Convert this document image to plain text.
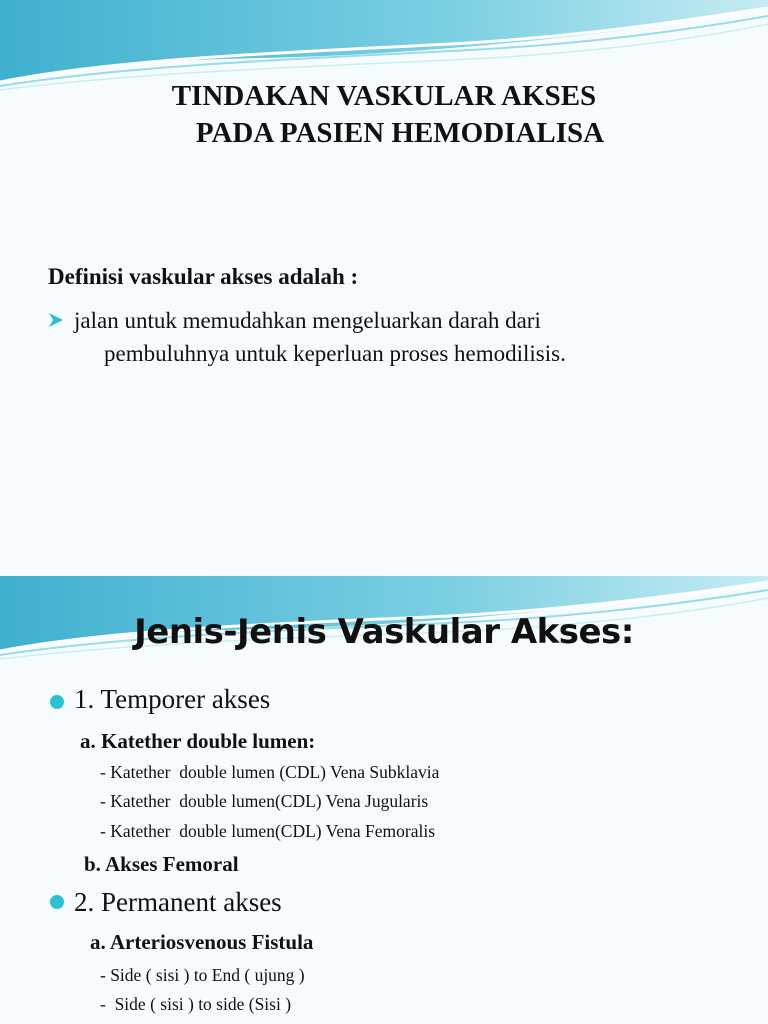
TINDAKAN VASKULAR AKSES
PADA PASIEN HEMODIALISA

Definisi vaskular akses adalah :

jalan untuk memudahkan mengeluarkan darah dari
pembuluhnya untuk keperluan proses hemodilisis.

Jenis-Jenis Vaskular Akses:

1. Temporer akses

a. Katether double lumen:

- Katether  double lumen (CDL) Vena Subklavia

- Katether  double lumen(CDL) Vena Jugularis

- Katether  double lumen(CDL) Vena Femoralis

b. Akses Femoral

2. Permanent akses

a. Arteriosvenous Fistula

- Side ( sisi ) to End ( ujung )

-  Side ( sisi ) to side (Sisi )
